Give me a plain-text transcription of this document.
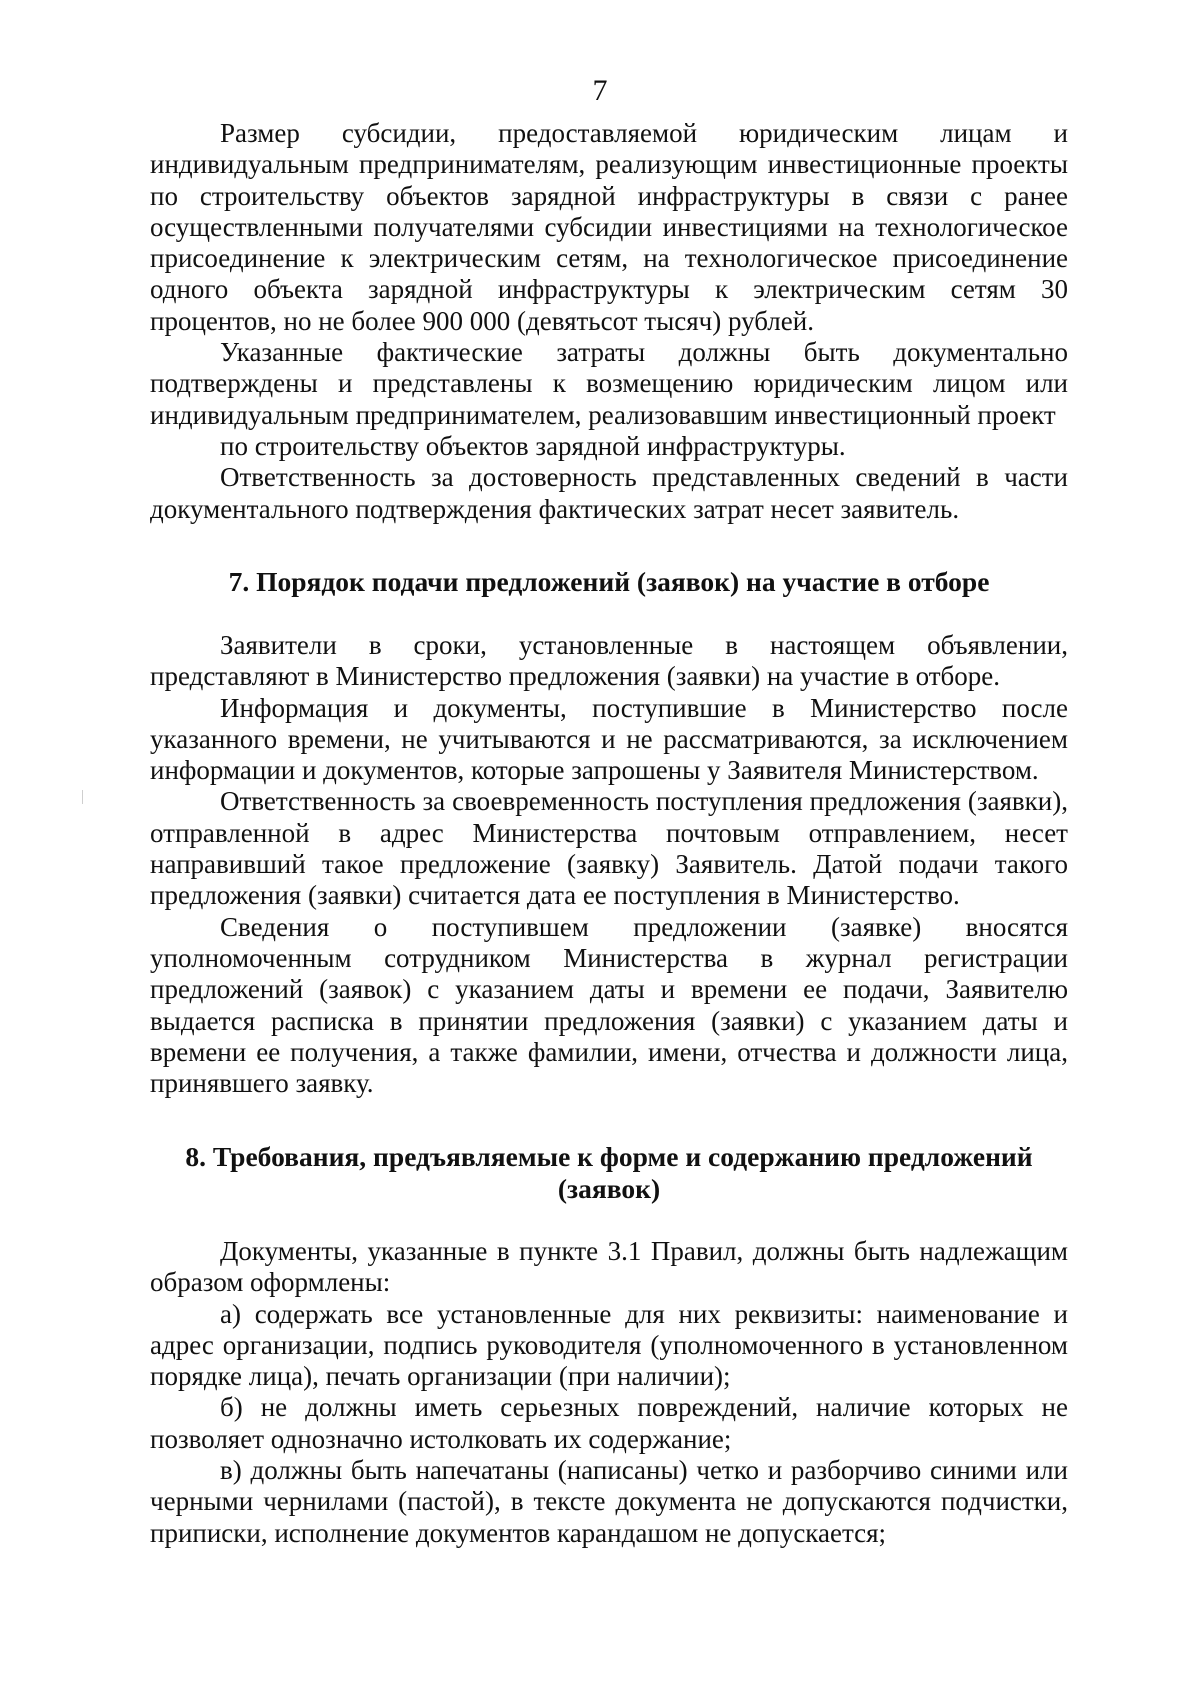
7

Размер субсидии, предоставляемой юридическим лицам и индивидуальным предпринимателям, реализующим инвестиционные проекты по строительству объектов зарядной инфраструктуры в связи с ранее осуществленными получателями субсидии инвестициями на технологическое присоединение к электрическим сетям, на технологическое присоединение одного объекта зарядной инфраструктуры к электрическим сетям 30 процентов, но не более 900 000 (девятьсот тысяч) рублей.

Указанные фактические затраты должны быть документально подтверждены и представлены к возмещению юридическим лицом или индивидуальным предпринимателем, реализовавшим инвестиционный проект

по строительству объектов зарядной инфраструктуры.

Ответственность за достоверность представленных сведений в части документального подтверждения фактических затрат несет заявитель.

7. Порядок подачи предложений (заявок) на участие в отборе

Заявители в сроки, установленные в настоящем объявлении, представляют в Министерство предложения (заявки) на участие в отборе.

Информация и документы, поступившие в Министерство после указанного времени, не учитываются и не рассматриваются, за исключением информации и документов, которые запрошены у Заявителя Министерством.

Ответственность за своевременность поступления предложения (заявки), отправленной в адрес Министерства почтовым отправлением, несет направивший такое предложение (заявку) Заявитель. Датой подачи такого предложения (заявки) считается дата ее поступления в Министерство.

Сведения о поступившем предложении (заявке) вносятся уполномоченным сотрудником Министерства в журнал регистрации предложений (заявок) с указанием даты и времени ее подачи, Заявителю выдается расписка в принятии предложения (заявки) с указанием даты и времени ее получения, а также фамилии, имени, отчества и должности лица, принявшего заявку.

8. Требования, предъявляемые к форме и содержанию предложений
(заявок)

Документы, указанные в пункте 3.1 Правил, должны быть надлежащим образом оформлены:

а) содержать все установленные для них реквизиты: наименование и адрес организации, подпись руководителя (уполномоченного в установленном порядке лица), печать организации (при наличии);

б) не должны иметь серьезных повреждений, наличие которых не позволяет однозначно истолковать их содержание;

в) должны быть напечатаны (написаны) четко и разборчиво синими или черными чернилами (пастой), в тексте документа не допускаются подчистки, приписки, исполнение документов карандашом не допускается;
